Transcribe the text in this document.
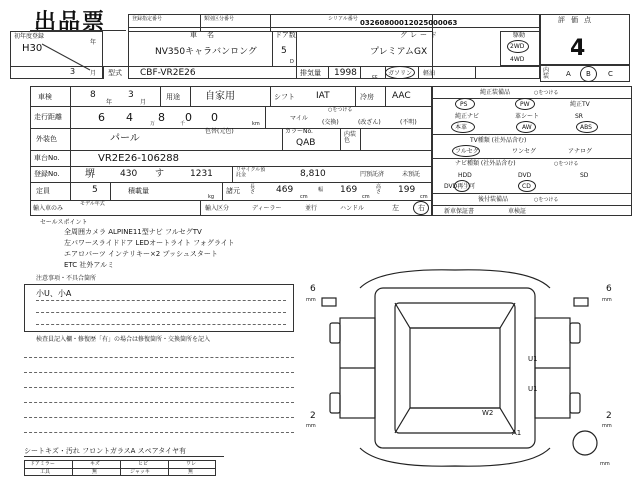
出品票	登録指定番号	類別区分番号	シリアル番号 03260800012025000063
車名	ドア数	グレード
NV350キャラバンロング	5
D
プレミアムGX
初年度登録
H30
年
3 月 型式 CBF-VR2E26	排気量 1998	cc ガソリン 軽油
評価点
4
駆動
2WD
4WD
内装 A B C
車検	8
年
3
月
用途	自家用	シフト IAT	冷房 AAC
走行距離	6 4 8 0 0
万	千	km
マイル
○をつける
(交換)	(改ざん)	(不明)
外装色	パール
色替(元色)	カラーNo.
QAB
内装色
車台No.	VR2E26-106288
登録No.	堺	430 す	1231	リサイクル預託金	8,810	円預託済	未預託
定員	5	積載量
kg
諸元 長さ 469
cm
幅 169
cm
高さ 199
cm
輸入車のみ
モデル年式
輸入区分	ディーラー	並行	ハンドル	左	右
純正装備品	○をつける
PS	PW	純正TV
純正ナビ	革シート	SR
本革	AW	ABS
TV種類 (社外品含む)
フルセグ	ワンセグ	アナログ
ナビ種類 (社外品含む)	○をつける
HDD	DVD	SD
DVD再生可	CD
後付装備品	○をつける
新車保証書	車検証
セールスポイント
全周囲カメラ ALPINE11型ナビ フルセグTV
左パワースライドドア LEDオートライト フォグライト
エアロパーツ インテリキー×2 プッシュスタート
ETC 社外アルミ
注意事項・不具合箇所
小U、小A
検査員記入欄・修復歴「有」の場合は修復箇所・交換箇所を記入
シートキズ・汚れ フロントガラスA スペアタイヤ有
ドアミラー	キズ	ヒビ	ワレ
工具	無	ジャッキ	無
6
mm
6
mm
2
mm
2
mm
mm
U1
U1
W2
A1
